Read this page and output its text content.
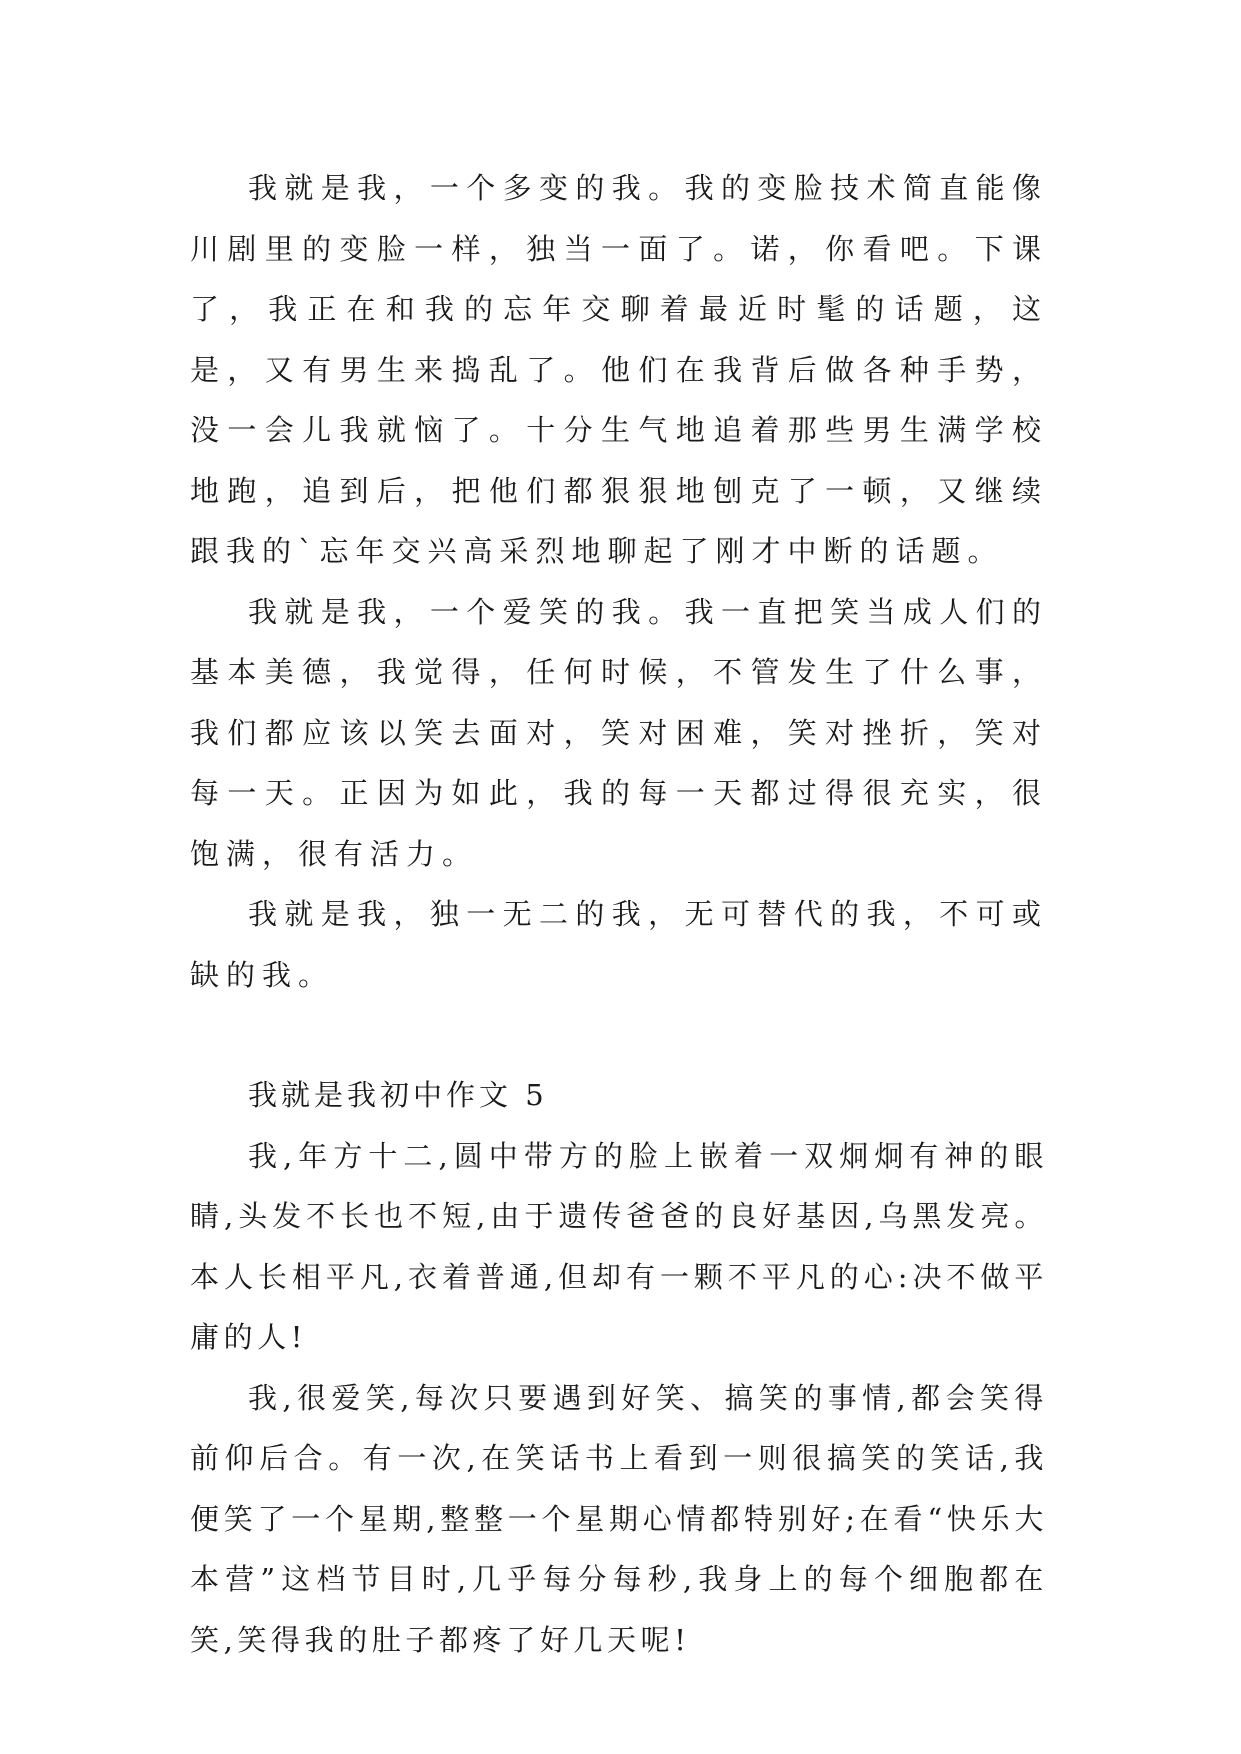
我就是我，一个多变的我。我的变脸技术简直能像川剧里的变脸一样，独当一面了。诺，你看吧。下课了，我正在和我的忘年交聊着最近时髦的话题，这是，又有男生来捣乱了。他们在我背后做各种手势，没一会儿我就恼了。十分生气地追着那些男生满学校地跑，追到后，把他们都狠狠地刨克了一顿，又继续跟我的`忘年交兴高采烈地聊起了刚才中断的话题。

我就是我，一个爱笑的我。我一直把笑当成人们的基本美德，我觉得，任何时候，不管发生了什么事，我们都应该以笑去面对，笑对困难，笑对挫折，笑对每一天。正因为如此，我的每一天都过得很充实，很饱满，很有活力。

我就是我，独一无二的我，无可替代的我，不可或缺的我。

我就是我初中作文 5

我,年方十二,圆中带方的脸上嵌着一双炯炯有神的眼睛,头发不长也不短,由于遗传爸爸的良好基因,乌黑发亮。本人长相平凡,衣着普通,但却有一颗不平凡的心:决不做平庸的人!

我,很爱笑,每次只要遇到好笑、搞笑的事情,都会笑得前仰后合。有一次,在笑话书上看到一则很搞笑的笑话,我便笑了一个星期,整整一个星期心情都特别好;在看“快乐大本营”这档节目时,几乎每分每秒,我身上的每个细胞都在笑,笑得我的肚子都疼了好几天呢!
